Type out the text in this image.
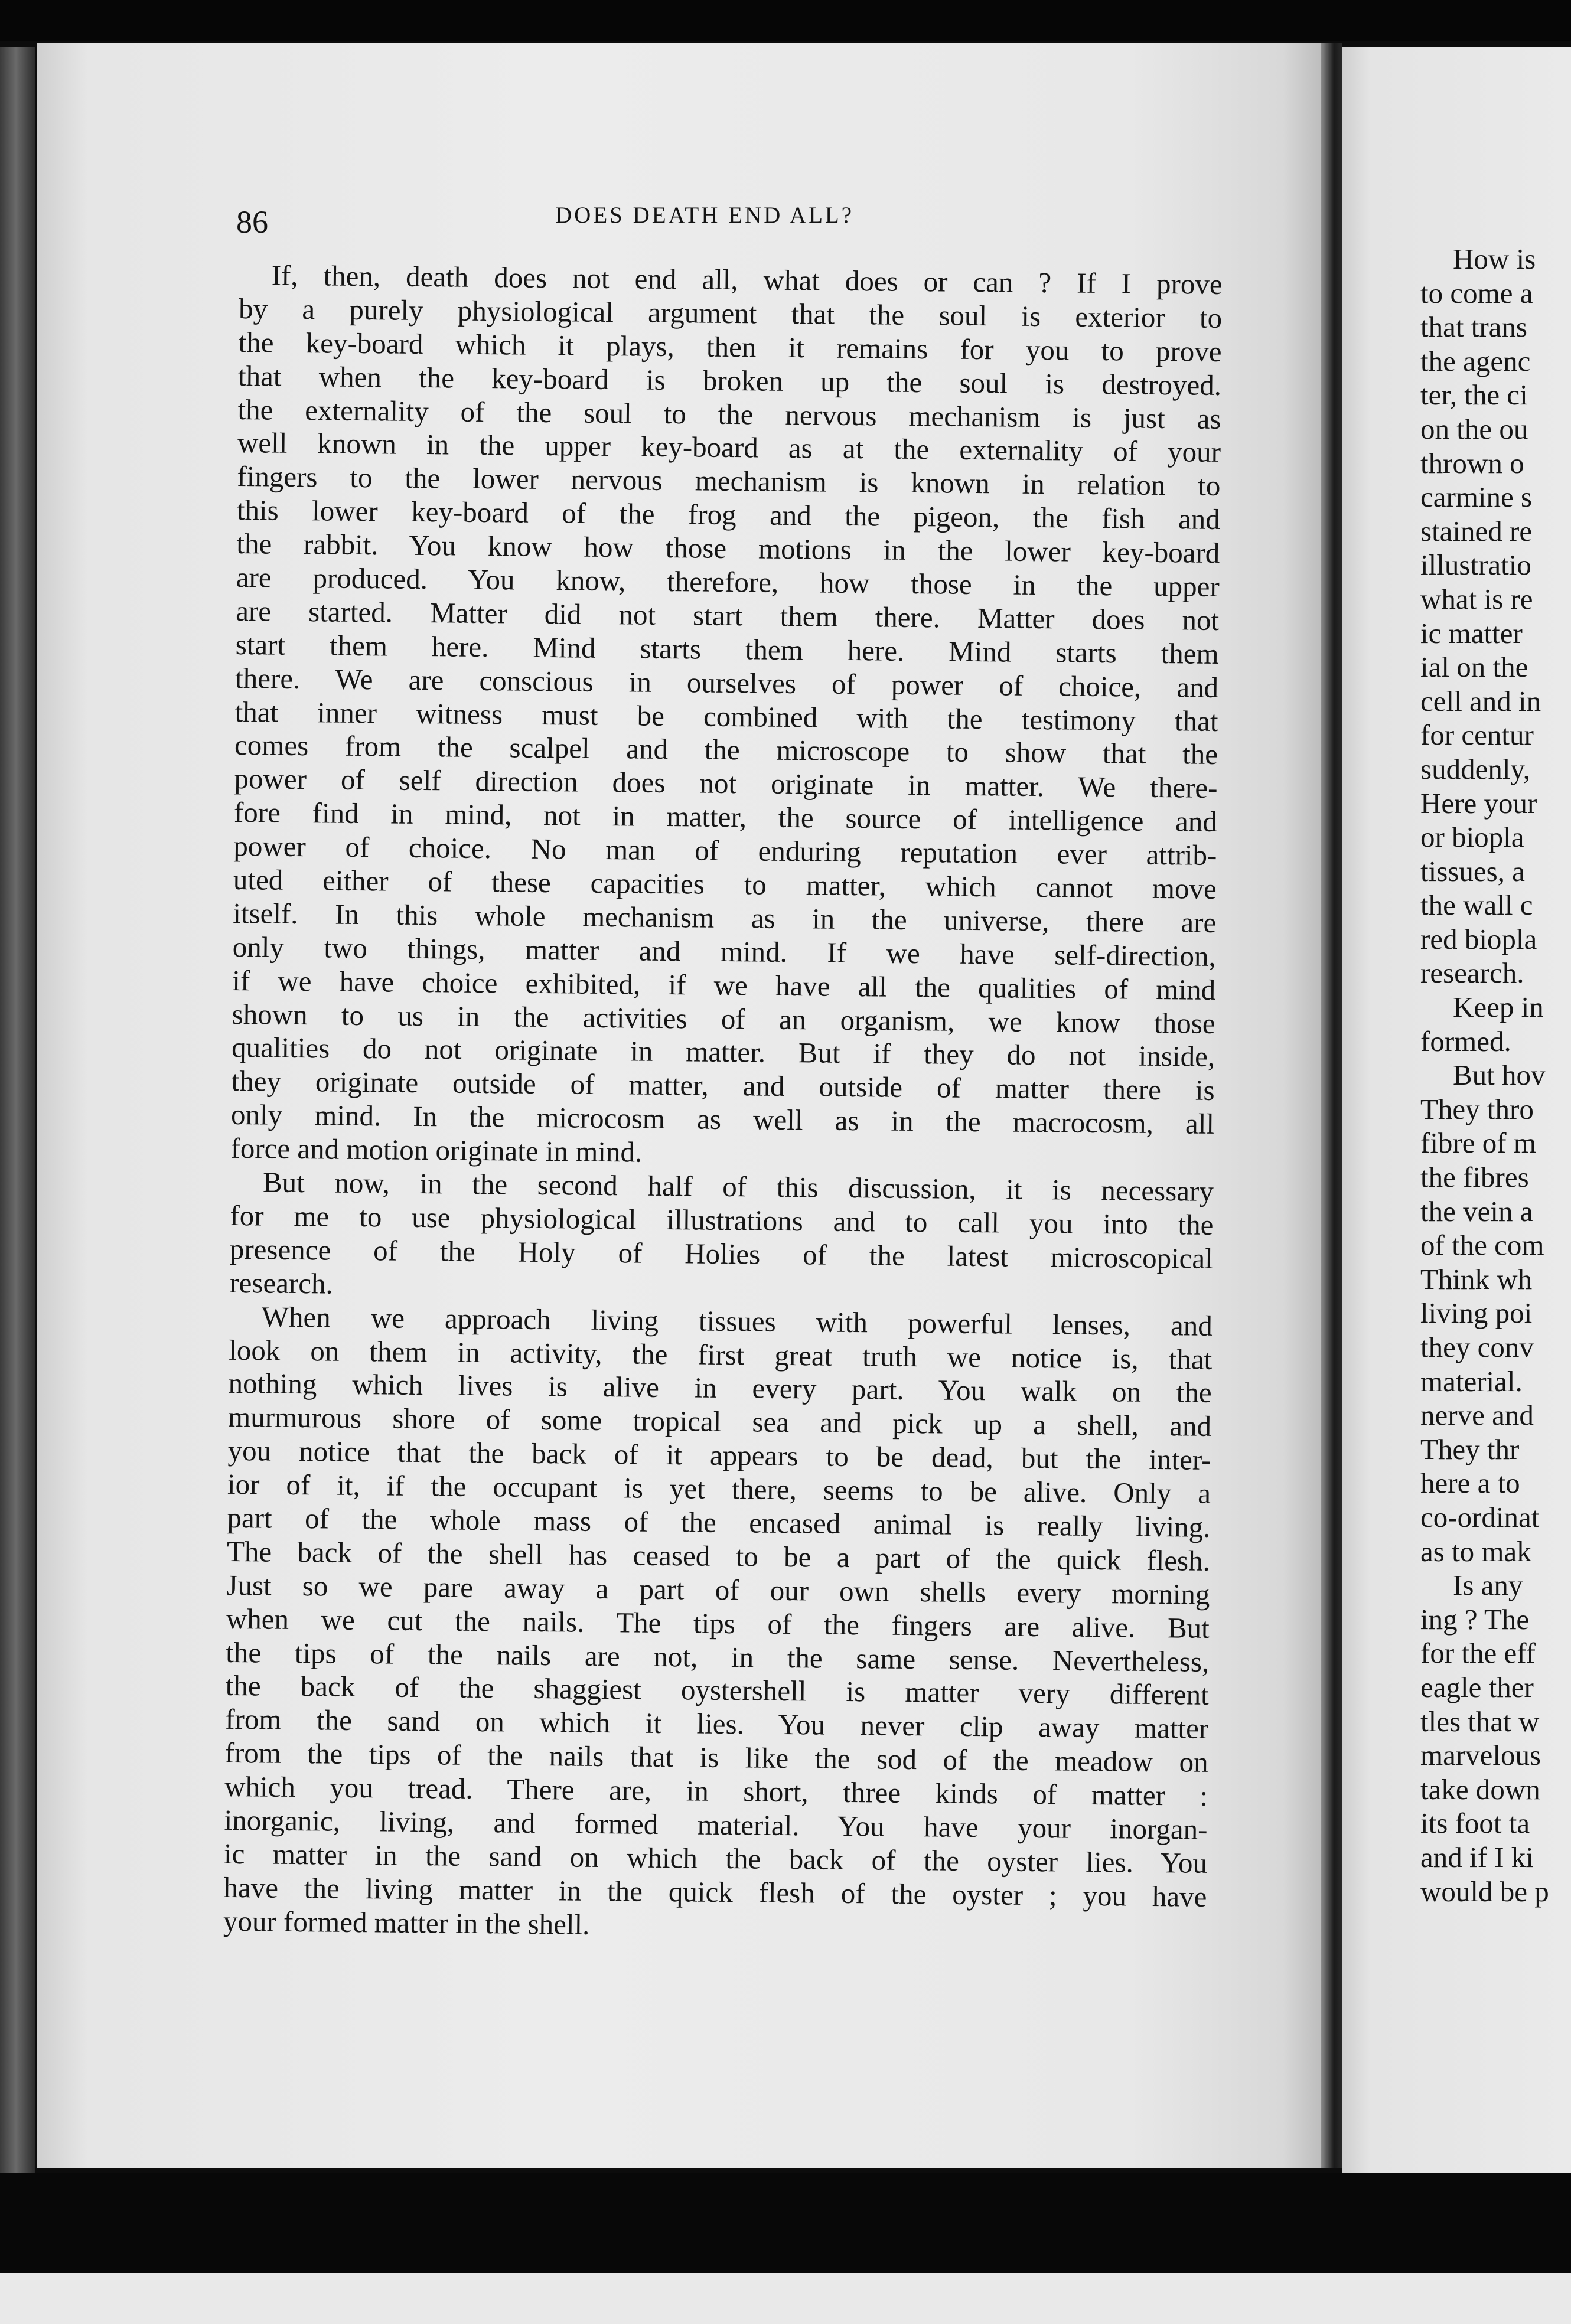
86	DOES DEATH END ALL?
If, then, death does not end all, what does or can ? If I prove
by a purely physiological argument that the soul is exterior to
the key-board which it plays, then it remains for you to prove
that when the key-board is broken up the soul is destroyed.
the externality of the soul to the nervous mechanism is just as
well known in the upper key-board as at the externality of your
fingers to the lower nervous mechanism is known in relation to
this lower key-board of the frog and the pigeon, the fish and
the rabbit. You know how those motions in the lower key-board
are produced. You know, therefore, how those in the upper
are started. Matter did not start them there. Matter does not
start them here. Mind starts them here. Mind starts them
there. We are conscious in ourselves of power of choice, and
that inner witness must be combined with the testimony that
comes from the scalpel and the microscope to show that the
power of self direction does not originate in matter. We there-
fore find in mind, not in matter, the source of intelligence and
power of choice. No man of enduring reputation ever attrib-
uted either of these capacities to matter, which cannot move
itself. In this whole mechanism as in the universe, there are
only two things, matter and mind. If we have self-direction,
if we have choice exhibited, if we have all the qualities of mind
shown to us in the activities of an organism, we know those
qualities do not originate in matter. But if they do not inside,
they originate outside of matter, and outside of matter there is
only mind. In the microcosm as well as in the macrocosm, all
force and motion originate in mind.
But now, in the second half of this discussion, it is necessary
for me to use physiological illustrations and to call you into the
presence of the Holy of Holies of the latest microscopical
research.
When we approach living tissues with powerful lenses, and
look on them in activity, the first great truth we notice is, that
nothing which lives is alive in every part. You walk on the
murmurous shore of some tropical sea and pick up a shell, and
you notice that the back of it appears to be dead, but the inter-
ior of it, if the occupant is yet there, seems to be alive. Only a
part of the whole mass of the encased animal is really living.
The back of the shell has ceased to be a part of the quick flesh.
Just so we pare away a part of our own shells every morning
when we cut the nails. The tips of the fingers are alive. But
the tips of the nails are not, in the same sense. Nevertheless,
the back of the shaggiest oystershell is matter very different
from the sand on which it lies. You never clip away matter
from the tips of the nails that is like the sod of the meadow on
which you tread. There are, in short, three kinds of matter :
inorganic, living, and formed material. You have your inorgan-
ic matter in the sand on which the back of the oyster lies. You
have the living matter in the quick flesh of the oyster ; you have
your formed matter in the shell.
How is
to come a
that trans
the agenc
ter, the ci
on the ou
thrown o
carmine s
stained re
illustratio
what is re
ic matter
ial on the
cell and in
for centur
suddenly,
Here your
or biopla
tissues, a
the wall c
red biopla
research.
Keep in
formed.
But hov
They thro
fibre of m
the fibres
the vein a
of the com
Think wh
living poi
they conv
material.
nerve and
They thr
here a to
co-ordinat
as to mak
Is any
ing ? The
for the eff
eagle ther
tles that w
marvelous
take down
its foot ta
and if I ki
would be p
